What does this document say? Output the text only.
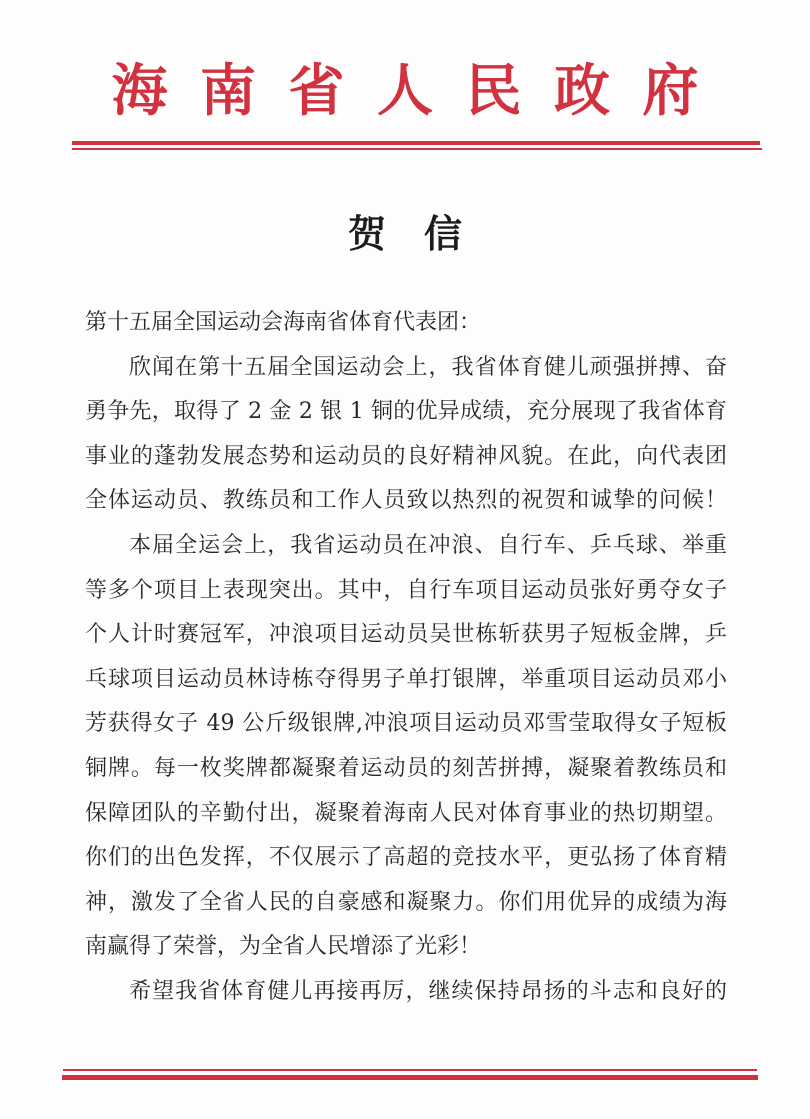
海南省人民政府
贺　信
第十五届全国运动会海南省体育代表团：
欣闻在第十五届全国运动会上，我省体育健儿顽强拼搏、奋
勇争先，取得了 2 金 2 银 1 铜的优异成绩，充分展现了我省体育
事业的蓬勃发展态势和运动员的良好精神风貌。在此，向代表团
全体运动员、教练员和工作人员致以热烈的祝贺和诚挚的问候！
本届全运会上，我省运动员在冲浪、自行车、乒乓球、举重
等多个项目上表现突出。其中，自行车项目运动员张好勇夺女子
个人计时赛冠军，冲浪项目运动员吴世栋斩获男子短板金牌，乒
乓球项目运动员林诗栋夺得男子单打银牌，举重项目运动员邓小
芳获得女子 49 公斤级银牌,冲浪项目运动员邓雪莹取得女子短板
铜牌。每一枚奖牌都凝聚着运动员的刻苦拼搏，凝聚着教练员和
保障团队的辛勤付出，凝聚着海南人民对体育事业的热切期望。
你们的出色发挥，不仅展示了高超的竞技水平，更弘扬了体育精
神，激发了全省人民的自豪感和凝聚力。你们用优异的成绩为海
南赢得了荣誉，为全省人民增添了光彩！
希望我省体育健儿再接再厉，继续保持昂扬的斗志和良好的
